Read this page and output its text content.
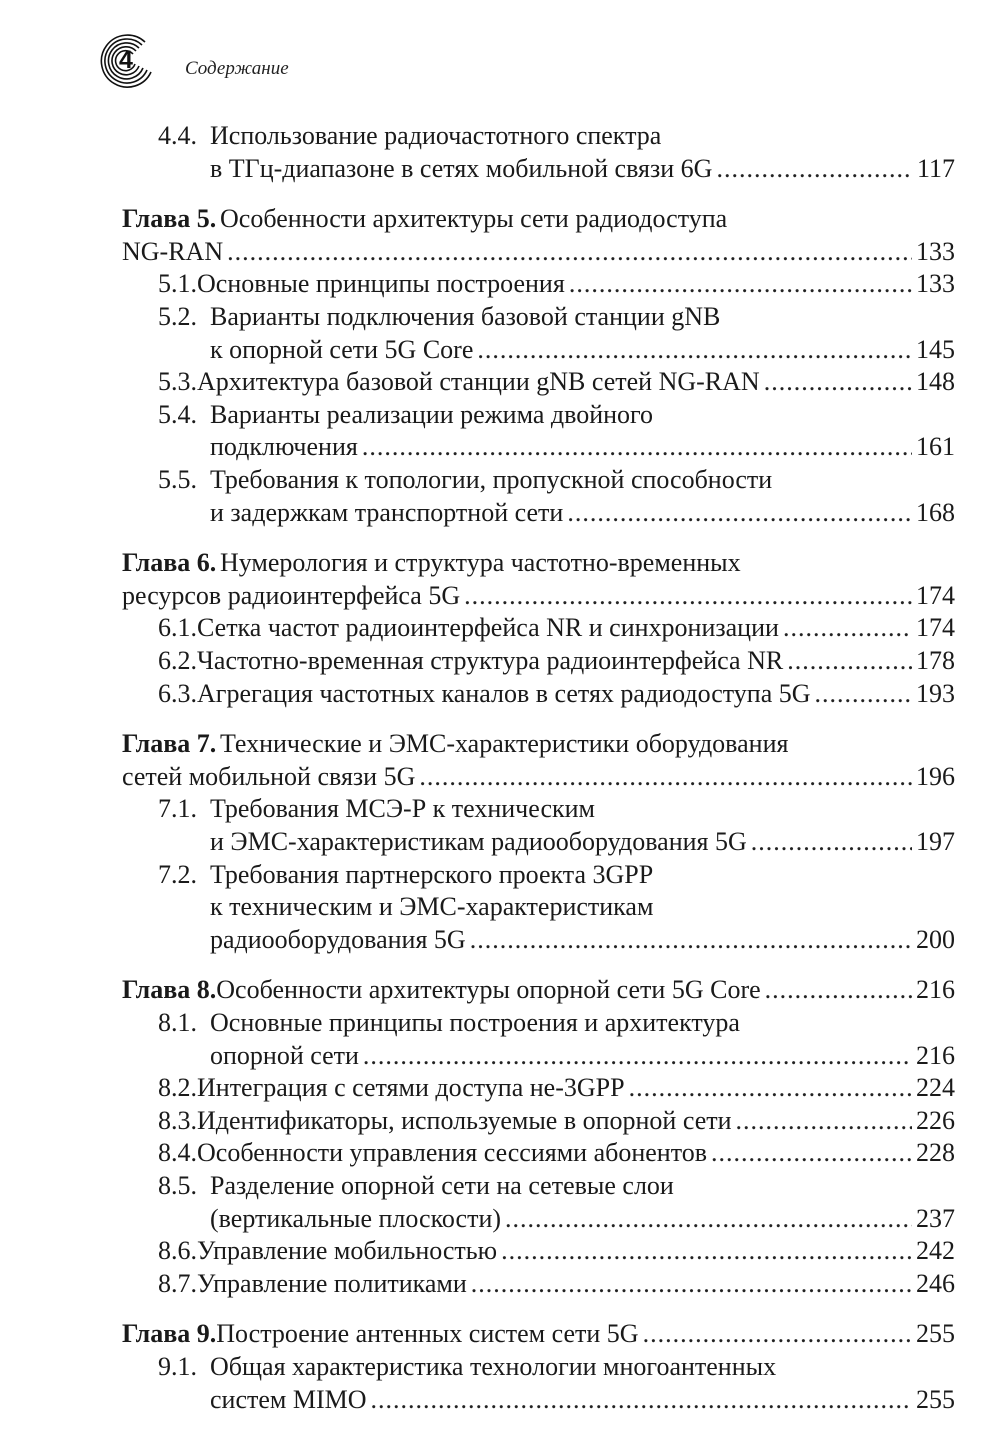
4	Содержание
4.4. Использование радиочастотного спектра
в ТГц-диапазоне в сетях мобильной связи 6G .....	117
Глава 5. Особенности архитектуры сети радиодоступа
NG-RAN .....	133
5.1. Основные принципы построения .....	133
5.2. Варианты подключения базовой станции gNB
к опорной сети 5G Core .....	145
5.3. Архитектура базовой станции gNB сетей NG-RAN .....	148
5.4. Варианты реализации режима двойного
подключения .....	161
5.5. Требования к топологии, пропускной способности
и задержкам транспортной сети .....	168
Глава 6. Нумерология и структура частотно-временных
ресурсов радиоинтерфейса 5G .....	174
6.1. Сетка частот радиоинтерфейса NR и синхронизации .....	174
6.2. Частотно-временная структура радиоинтерфейса NR .....	178
6.3. Агрегация частотных каналов в сетях радиодоступа 5G .....	193
Глава 7. Технические и ЭМС-характеристики оборудования
сетей мобильной связи 5G .....	196
7.1. Требования МСЭ-Р к техническим
и ЭМС-характеристикам радиооборудования 5G .....	197
7.2. Требования партнерского проекта 3GPP
к техническим и ЭМС-характеристикам
радиооборудования 5G .....	200
Глава 8. Особенности архитектуры опорной сети 5G Core .....	216
8.1. Основные принципы построения и архитектура
опорной сети .....	216
8.2. Интеграция с сетями доступа не-3GPP .....	224
8.3. Идентификаторы, используемые в опорной сети .....	226
8.4. Особенности управления сессиями абонентов .....	228
8.5. Разделение опорной сети на сетевые слои
(вертикальные плоскости) .....	237
8.6. Управление мобильностью .....	242
8.7. Управление политиками .....	246
Глава 9. Построение антенных систем сети 5G .....	255
9.1. Общая характеристика технологии многоантенных
систем MIMO .....	255
